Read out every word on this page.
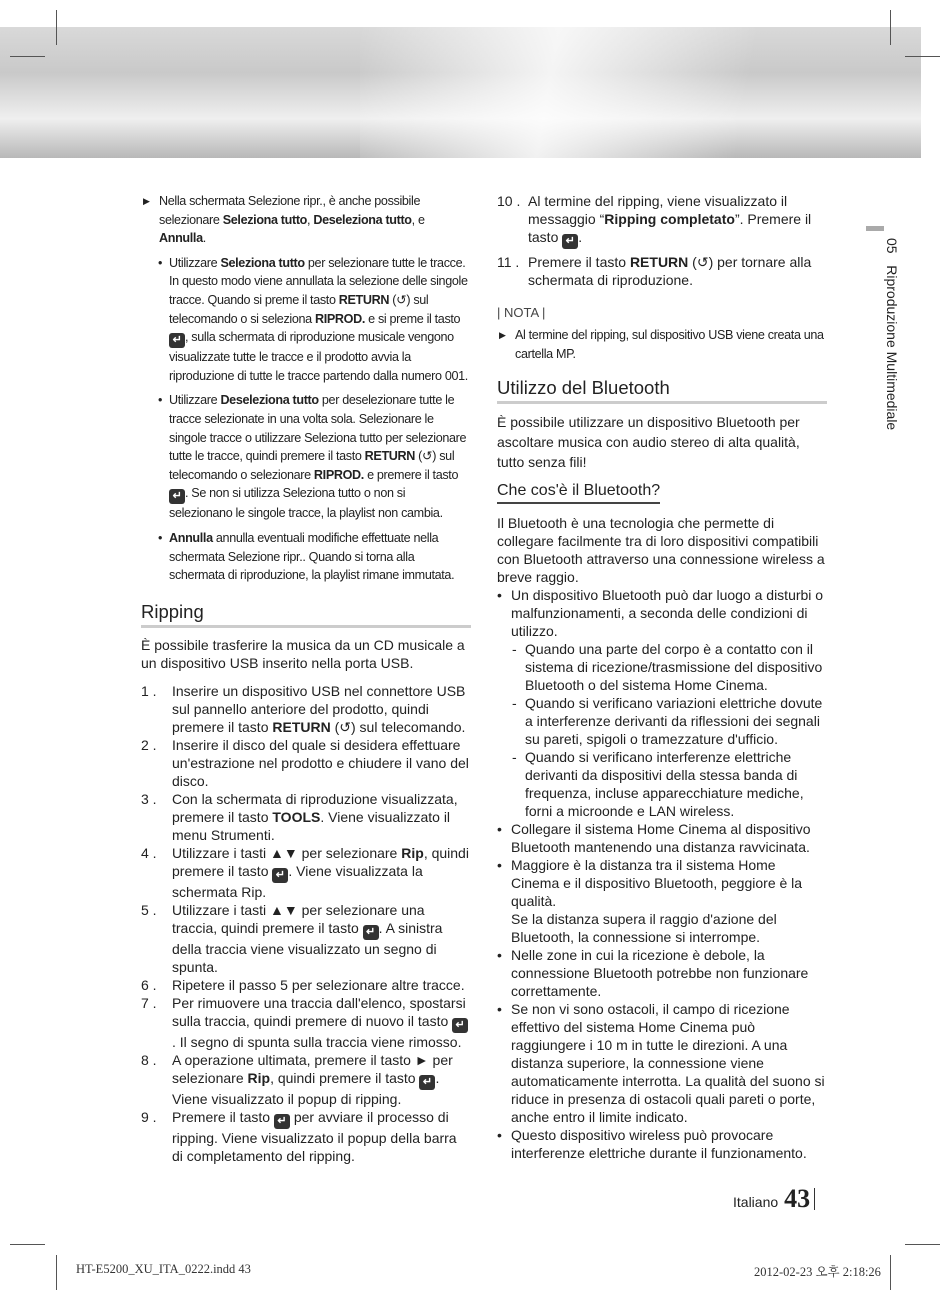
▶ Nella schermata Selezione ripr., è anche possibile selezionare Seleziona tutto, Deseleziona tutto, e Annulla.
• Utilizzare Seleziona tutto per selezionare tutte le tracce. In questo modo viene annullata la selezione delle singole tracce. Quando si preme il tasto RETURN (↺) sul telecomando o si seleziona RIPROD. e si preme il tasto ↵ , sulla schermata di riproduzione musicale vengono visualizzate tutte le tracce e il prodotto avvia la riproduzione di tutte le tracce partendo dalla numero 001.
• Utilizzare Deseleziona tutto per deselezionare tutte le tracce selezionate in una volta sola. Selezionare le singole tracce o utilizzare Seleziona tutto per selezionare tutte le tracce, quindi premere il tasto RETURN (↺) sul telecomando o selezionare RIPROD. e premere il tasto ↵ . Se non si utilizza Seleziona tutto o non si selezionano le singole tracce, la playlist non cambia.
• Annulla annulla eventuali modifiche effettuate nella schermata Selezione ripr.. Quando si torna alla schermata di riproduzione, la playlist rimane immutata.
Ripping
È possibile trasferire la musica da un CD musicale a un dispositivo USB inserito nella porta USB.
1 . Inserire un dispositivo USB nel connettore USB sul pannello anteriore del prodotto, quindi premere il tasto RETURN (↺) sul telecomando.
2 . Inserire il disco del quale si desidera effettuare un'estrazione nel prodotto e chiudere il vano del disco.
3 . Con la schermata di riproduzione visualizzata, premere il tasto TOOLS. Viene visualizzato il menu Strumenti.
4 . Utilizzare i tasti ▲▼ per selezionare Rip, quindi premere il tasto ↵ . Viene visualizzata la schermata Rip.
5 . Utilizzare i tasti ▲▼ per selezionare una traccia, quindi premere il tasto ↵ . A sinistra della traccia viene visualizzato un segno di spunta.
6 . Ripetere il passo 5 per selezionare altre tracce.
7 . Per rimuovere una traccia dall'elenco, spostarsi sulla traccia, quindi premere di nuovo il tasto ↵. Il segno di spunta sulla traccia viene rimosso.
8 . A operazione ultimata, premere il tasto ► per selezionare Rip, quindi premere il tasto ↵ . Viene visualizzato il popup di ripping.
9 . Premere il tasto ↵ per avviare il processo di ripping. Viene visualizzato il popup della barra di completamento del ripping.
10 . Al termine del ripping, viene visualizzato il messaggio “Ripping completato”. Premere il tasto ↵ .
11 . Premere il tasto RETURN (↺) per tornare alla schermata di riproduzione.
| NOTA |
▶ Al termine del ripping, sul dispositivo USB viene creata una cartella MP.
Utilizzo del Bluetooth
È possibile utilizzare un dispositivo Bluetooth per ascoltare musica con audio stereo di alta qualità, tutto senza fili!
Che cos'è il Bluetooth?
Il Bluetooth è una tecnologia che permette di collegare facilmente tra di loro dispositivi compatibili con Bluetooth attraverso una connessione wireless a breve raggio.
• Un dispositivo Bluetooth può dar luogo a disturbi o malfunzionamenti, a seconda delle condizioni di utilizzo.
- Quando una parte del corpo è a contatto con il sistema di ricezione/trasmissione del dispositivo Bluetooth o del sistema Home Cinema.
- Quando si verificano variazioni elettriche dovute a interferenze derivanti da riflessioni dei segnali su pareti, spigoli o tramezzature d'ufficio.
- Quando si verificano interferenze elettriche derivanti da dispositivi della stessa banda di frequenza, incluse apparecchiature mediche, forni a microonde e LAN wireless.
• Collegare il sistema Home Cinema al dispositivo Bluetooth mantenendo una distanza ravvicinata.
• Maggiore è la distanza tra il sistema Home Cinema e il dispositivo Bluetooth, peggiore è la qualità.
Se la distanza supera il raggio d'azione del Bluetooth, la connessione si interrompe.
• Nelle zone in cui la ricezione è debole, la connessione Bluetooth potrebbe non funzionare correttamente.
• Se non vi sono ostacoli, il campo di ricezione effettivo del sistema Home Cinema può raggiungere i 10 m in tutte le direzioni. A una distanza superiore, la connessione viene automaticamente interrotta. La qualità del suono si riduce in presenza di ostacoli quali pareti o porte, anche entro il limite indicato.
• Questo dispositivo wireless può provocare interferenze elettriche durante il funzionamento.
05   Riproduzione Multimediale
Italiano 43
HT-E5200_XU_ITA_0222.indd 43	2012-02-23 오후 2:18:26
